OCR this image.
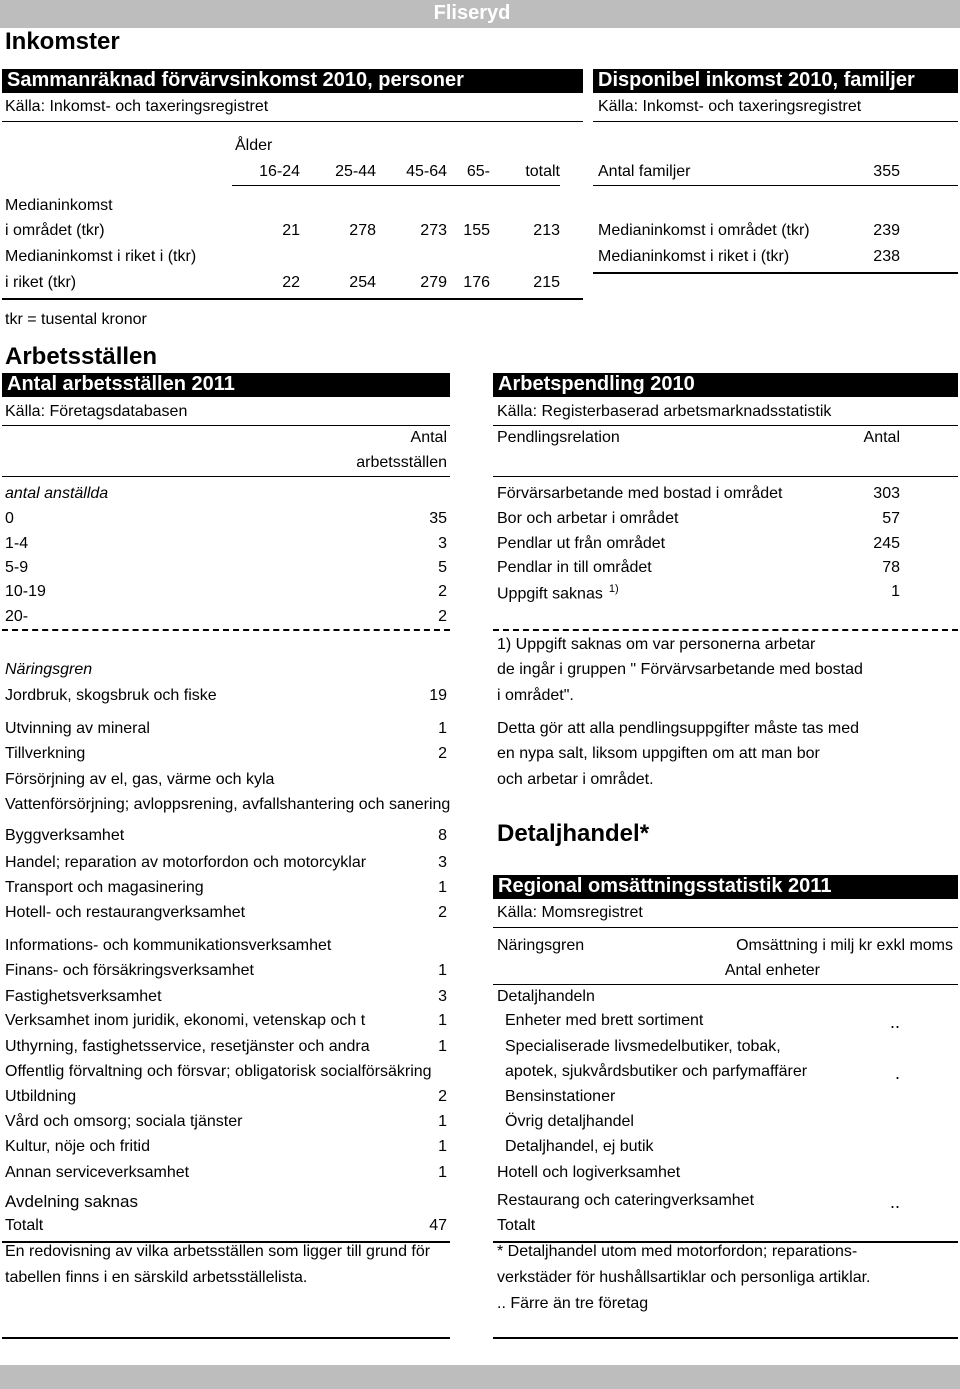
Fliseryd
Inkomster
Sammanräknad förvärvsinkomst 2010, personer
Källa: Inkomst- och taxeringsregistret
Ålder
16-24	25-44	45-64	65-	totalt
Medianinkomst
i området (tkr)	21	278	273	155	213
Medianinkomst i riket i (tkr)
i riket (tkr)	22	254	279	176	215
tkr = tusental kronor
Disponibel inkomst 2010, familjer
Källa: Inkomst- och taxeringsregistret
Antal familjer	355
Medianinkomst i området (tkr)	239
Medianinkomst i riket i (tkr)	238
Arbetsställen
Antal arbetsställen 2011
Källa: Företagsdatabasen
Antal
arbetsställen
antal anställda
0	35
1-4	3
5-9	5
10-19	2
20-	2
Näringsgren
Jordbruk, skogsbruk och fiske	19
Utvinning av mineral	1
Tillverkning	2
Försörjning av el, gas, värme och kyla
Vattenförsörjning; avloppsrening, avfallshantering och sanering
Byggverksamhet	8
Handel; reparation av motorfordon och motorcyklar	3
Transport och magasinering	1
Hotell- och restaurangverksamhet	2
Informations- och kommunikationsverksamhet
Finans- och försäkringsverksamhet	1
Fastighetsverksamhet	3
Verksamhet inom juridik, ekonomi, vetenskap och t	1
Uthyrning, fastighetsservice, resetjänster och andra	1
Offentlig förvaltning och försvar; obligatorisk socialförsäkring
Utbildning	2
Vård och omsorg; sociala tjänster	1
Kultur, nöje och fritid	1
Annan serviceverksamhet	1
Avdelning saknas
Totalt	47
En redovisning av vilka arbetsställen som ligger till grund för
tabellen finns i en särskild arbetsställelista.
Arbetspendling 2010
Källa: Registerbaserad arbetsmarknadsstatistik
Pendlingsrelation	Antal
Förvärsarbetande med bostad i området	303
Bor och arbetar i området	57
Pendlar ut från området	245
Pendlar in till området	78
Uppgift saknas $^{1)}$	1
1) Uppgift saknas om var personerna arbetar
de ingår i gruppen " Förvärvsarbetande med bostad
i området".
Detta gör att alla pendlingsuppgifter måste tas med
en nypa salt, liksom uppgiften om att man bor
och arbetar i området.
Detaljhandel*
Regional omsättningsstatistik 2011
Källa: Momsregistret
Näringsgren	Omsättning i milj kr exkl moms
Antal enheter
Detaljhandeln
Enheter med brett sortiment	..
Specialiserade livsmedelbutiker, tobak,
apotek, sjukvårdsbutiker och parfymaffärer	.
Bensinstationer
Övrig detaljhandel
Detaljhandel, ej butik
Hotell och logiverksamhet
Restaurang och cateringverksamhet	..
Totalt
* Detaljhandel utom med motorfordon; reparations-
verkstäder för hushållsartiklar och personliga artiklar.
.. Färre än tre företag
